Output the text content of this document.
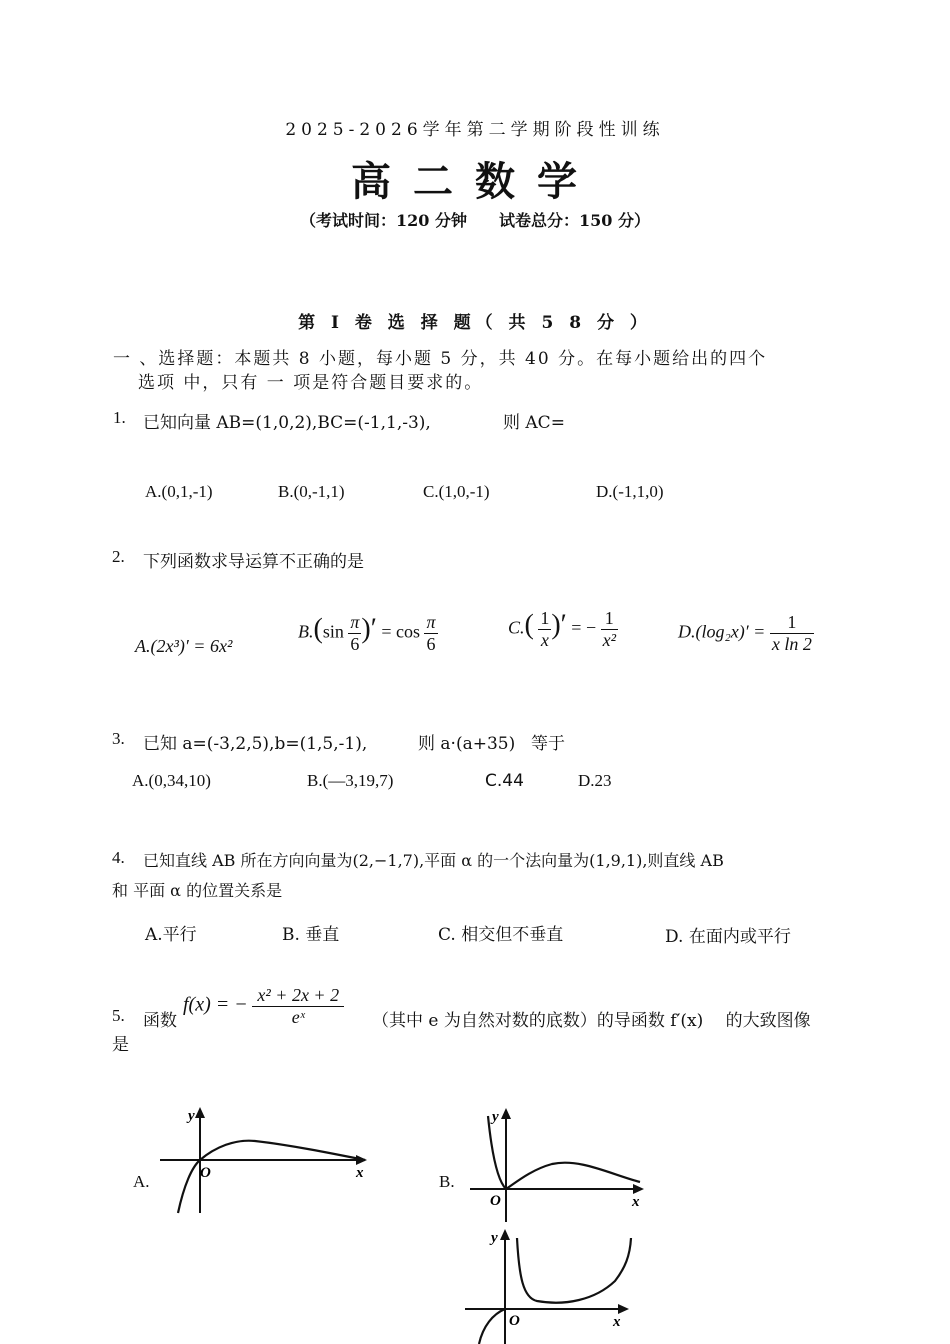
2025-2026学年第二学期阶段性训练
高二数学
（考试时间：120 分钟　　试卷总分：150 分）
第 I 卷 选 择 题（ 共 5 8 分 ）
一 、选择题：本题共 8 小题，每小题 5 分，共 40 分。在每小题给出的四个
选项 中，只有 一 项是符合题目要求的。
1. 已知向量 AB=(1,0,2),BC=(-1,1,-3),	则 AC=
A.(0,1,-1)	B.(0,-1,1)	C.(1,0,-1)	D.(-1,1,0)
2. 下列函数求导运算不正确的是
A.(2x³)′ = 6x²
$B.(\sin \frac{\pi}{6}$ )′ = $\cos \frac{\pi}{6}$	$C.( \frac{1}{x}$ )′ = − $\frac{1}{\text{x²}}$	$D.(\log_2x)' = \frac{1}{\text{x ln 2}}$
3. 已知 a=(-3,2,5),b=(1,5,-1),	则 a·(a+35) 等于
A.(0,34,10)	B.(—3,19,7)	C.44	D.23
4. 已知直线 AB 所在方向向量为(2,−1,7),平面 α 的一个法向量为(1,9,1),则直线 AB
和 平面 α 的位置关系是
A.平行	B. 垂直	C. 相交但不垂直	D. 在面内或平行
5. 函数
f(x) = − $\frac{\text{x² + 2x + 2}}{\text{eˣ}}$ （其中 e 为自然对数的底数）的导函数 f′(x)　 的大致图像
是
A.	B.
y
x
O
y
x
O
y
x
O
